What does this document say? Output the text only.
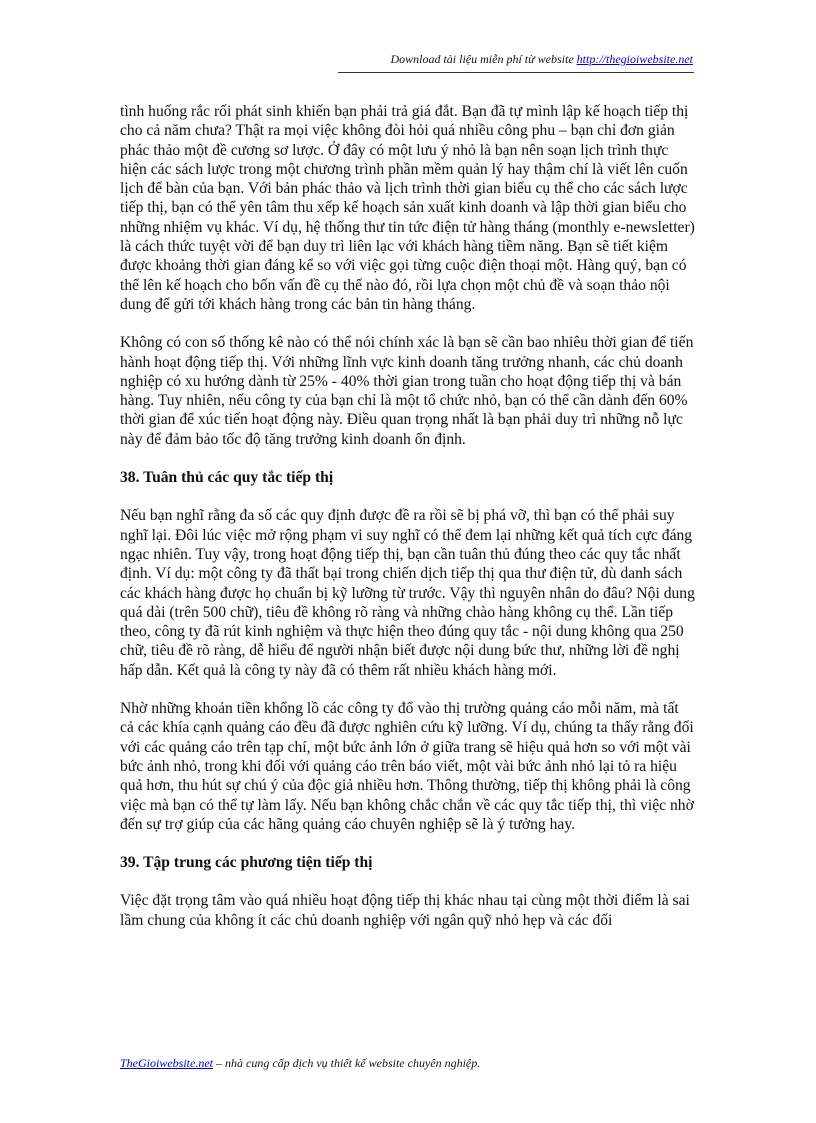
Download tài liệu miễn phí từ website http://thegioiwebsite.net

tình huống rắc rối phát sinh khiến bạn phải trả giá đắt. Bạn đã tự mình lập kế hoạch tiếp thị cho cả năm chưa? Thật ra mọi việc không đòi hỏi quá nhiều công phu – bạn chỉ đơn giản phác thảo một đề cương sơ lược. Ở đây có một lưu ý nhỏ là bạn nên soạn lịch trình thực hiện các sách lược trong một chương trình phần mềm quản lý hay thậm chí là viết lên cuốn lịch để bàn của bạn. Với bản phác thảo và lịch trình thời gian biểu cụ thể cho các sách lược tiếp thị, bạn có thể yên tâm thu xếp kế hoạch sản xuất kinh doanh và lập thời gian biểu cho những nhiệm vụ khác. Ví dụ, hệ thống thư tin tức điện tử hàng tháng (monthly e-newsletter) là cách thức tuyệt vời để bạn duy trì liên lạc với khách hàng tiềm năng. Bạn sẽ tiết kiệm được khoảng thời gian đáng kể so với việc gọi từng cuộc điện thoại một. Hàng quý, bạn có thể lên kế hoạch cho bốn vấn đề cụ thể nào đó, rồi lựa chọn một chủ đề và soạn thảo nội dung để gửi tới khách hàng trong các bản tin hàng tháng.

Không có con số thống kê nào có thể nói chính xác là bạn sẽ cần bao nhiêu thời gian để tiến hành hoạt động tiếp thị. Với những lĩnh vực kinh doanh tăng trưởng nhanh, các chủ doanh nghiệp có xu hướng dành từ 25% - 40% thời gian trong tuần cho hoạt động tiếp thị và bán hàng. Tuy nhiên, nếu công ty của bạn chỉ là một tổ chức nhỏ, bạn có thể cần dành đến 60% thời gian để xúc tiến hoạt động này. Điều quan trọng nhất là bạn phải duy trì những nỗ lực này để đảm bảo tốc độ tăng trưởng kinh doanh ổn định.

38. Tuân thủ các quy tắc tiếp thị

Nếu bạn nghĩ rằng đa số các quy định được đề ra rồi sẽ bị phá vỡ, thì bạn có thể phải suy nghĩ lại. Đôi lúc việc mở rộng phạm vi suy nghĩ có thể đem lại những kết quả tích cực đáng ngạc nhiên. Tuy vậy, trong hoạt động tiếp thị, bạn cần tuân thủ đúng theo các quy tắc nhất định. Ví dụ: một công ty đã thất bại trong chiến dịch tiếp thị qua thư điện tử, dù danh sách các khách hàng được họ chuẩn bị kỹ lưỡng từ trước. Vậy thì nguyên nhân do đâu? Nội dung quá dài (trên 500 chữ), tiêu đề không rõ ràng và những chào hàng không cụ thể. Lần tiếp theo, công ty đã rút kinh nghiệm và thực hiện theo đúng quy tắc - nội dung không qua 250 chữ, tiêu đề rõ ràng, dễ hiểu để người nhận biết được nội dung bức thư, những lời đề nghị hấp dẫn. Kết quả là công ty này đã có thêm rất nhiều khách hàng mới.

Nhờ những khoản tiền khổng lồ các công ty đổ vào thị trường quảng cáo mỗi năm, mà tất cả các khía cạnh quảng cáo đều đã được nghiên cứu kỹ lưỡng. Ví dụ, chúng ta thấy rằng đối với các quảng cáo trên tạp chí, một bức ảnh lớn ở giữa trang sẽ hiệu quả hơn so với một vài bức ảnh nhỏ, trong khi đối với quảng cáo trên báo viết, một vài bức ảnh nhỏ lại tỏ ra hiệu quả hơn, thu hút sự chú ý của độc giả nhiều hơn. Thông thường, tiếp thị không phải là công việc mà bạn có thể tự làm lấy. Nếu bạn không chắc chắn về các quy tắc tiếp thị, thì việc nhờ đến sự trợ giúp của các hãng quảng cáo chuyên nghiệp sẽ là ý tưởng hay.

39. Tập trung các phương tiện tiếp thị

Việc đặt trọng tâm vào quá nhiều hoạt động tiếp thị khác nhau tại cùng một thời điểm là sai lầm chung của không ít các chủ doanh nghiệp với ngân quỹ nhỏ hẹp và các đối

TheGioiwebsite.net – nhà cung cấp dịch vụ thiết kế website chuyên nghiệp.
